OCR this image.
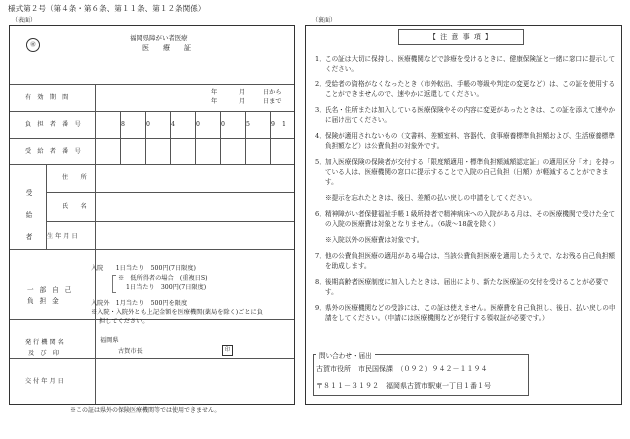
様式第２号（第４条・第６条、第１１条、第１２条関係）
（表面）	（裏面）
㊙
福岡県障がい者医療
医　　療　　証
有　効　期　間
年	月	日から
年	月	日まで
負　担　者　番　号	8	0	4	0	0	5	9 1
受　給　者　番　号
受給者
住　　所
氏　　名
生 年 月 日
一部自己負担金
入院　　1日当たり　500円(7日限度)
※　低所得者の場合　(重複日S)
1日当たり　300円(7日限度)
入院外　1月当たり　500円を限度
※入院・入院外とも上記金額を医療機関(薬局を除く)ごとに負
担してください。
発 行 機 関 名
及　び　印
福岡県
古賀市長	印
交 付 年 月 日
※この証は県外の保険医療機関等では使用できません。
【 注 意 事 項 】
1． この証は大切に保持し、医療機関などで診療を受けるときに、健康保険証と一緒に窓口に提示してください。
2． 受給者の資格がなくなったとき（市外転出、手帳の等級や判定の変更など）は、この証を使用することができませんので、速やかに返還してください。
3． 氏名・住所または加入している医療保険やその内容に変更があったときは、この証を添えて速やかに届け出てください。
4． 保険が適用されないもの（文書料、差額室料、容器代、食事療養標準負担額および、生活療養標準負担額など）は公費負担の対象外です。
5． 加入医療保険の保険者が交付する「限度額適用・標準負担額減額認定証」の適用区分「オ」を持っている人は、医療機関の窓口に提示することで入院の自己負担（日額）が軽減することができます。
※提示を忘れたときは、後日、差額の払い戻しの申請をしてください。
6． 精神障がい者保健福祉手帳１級所持者で精神病床への入院がある月は、その医療機関で受けた全ての入院の医療費は対象となりません。（6歳～18歳を除く）
※入院以外の医療費は対象です。
7． 他の公費負担医療の適用がある場合は、当該公費負担医療を適用したうえで、なお残る自己負担額を助成します。
8． 後期高齢者医療制度に加入したときは、届出により、新たな医療証の交付を受けることが必要です。
9． 県外の医療機関などの受診には、この証は使えません。医療費を自己負担し、後日、払い戻しの申請をしてください。（申請には医療機関などが発行する領収証が必要です。）
問い合わせ・届出
古賀市役所　市民国保課　（０９２）９４２－１１９４
〒８１１－３１９２　福岡県古賀市駅東一丁目１番１号
